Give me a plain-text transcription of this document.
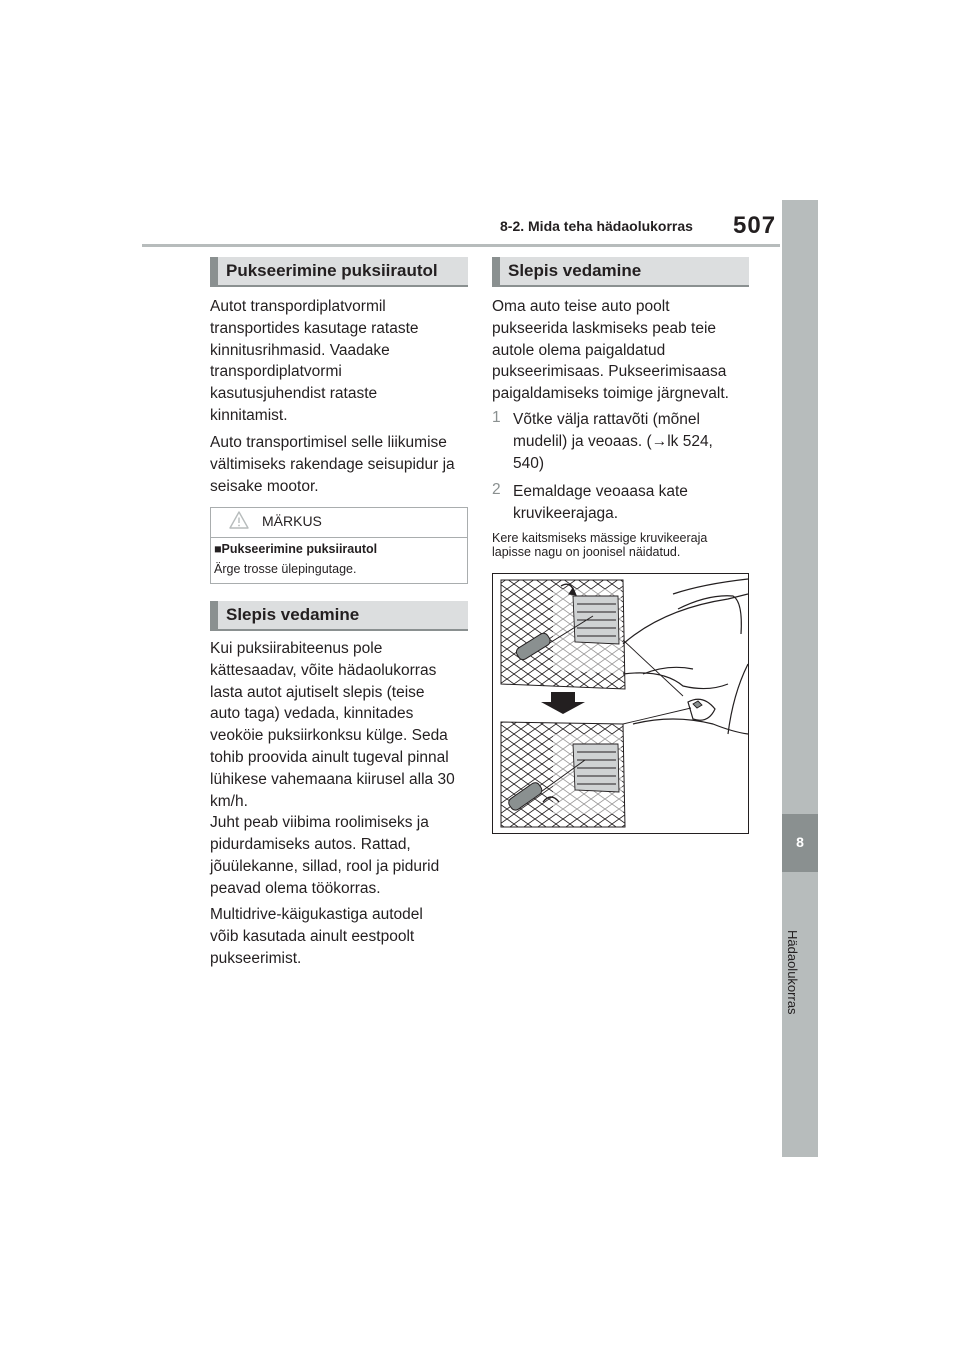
8-2. Mida teha hädaolukorras 507
8
Hädaolukorras
Pukseerimine puksiirautol
Autot transpordiplatvormil
transportides kasutage rataste
kinnitusrihmasid. Vaadake
transpordiplatvormi
kasutusjuhendist rataste
kinnitamist.
Auto transportimisel selle liikumise
vältimiseks rakendage seisupidur ja
seisake mootor.
MÄRKUS
■Pukseerimine puksiirautol
Ärge trosse ülepingutage.
Slepis vedamine
Kui puksiirabiteenus pole
kättesaadav, võite hädaolukorras
lasta autot ajutiselt slepis (teise
auto taga) vedada, kinnitades
veoköie puksiirkonksu külge. Seda
tohib proovida ainult tugeval pinnal
lühikese vahemaana kiirusel alla 30
km/h.
Juht peab viibima roolimiseks ja
pidurdamiseks autos. Rattad,
jõuülekanne, sillad, rool ja pidurid
peavad olema töökorras.
Multidrive-käigukastiga autodel
võib kasutada ainult eestpoolt
pukseerimist.
Slepis vedamine
Oma auto teise auto poolt
pukseerida laskmiseks peab teie
autole olema paigaldatud
pukseerimisaas. Pukseerimisaasa
paigaldamiseks toimige järgnevalt.
1 Võtke välja rattavõti (mõnel
mudelil) ja veoaas. (→lk 524,
540)
2 Eemaldage veoaasa kate
kruvikeerajaga.
Kere kaitsmiseks mässige kruvikeeraja
lapisse nagu on joonisel näidatud.
